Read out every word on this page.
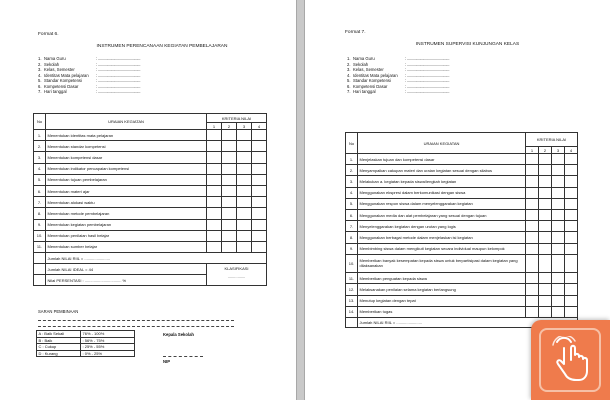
Format 6.
INSTRUMEN PERENCANAAN KEGIATAN PEMBELAJARAN
1. Nama Guru	: ............................................
2. Sekolah	: ............................................
3. Kelas, Semester	: ............................................
4. Identitas Mata pelajaran	: ............................................
5. Standar Kompetensi	: ............................................
6. Kompetensi Dasar	: ............................................
7. Hari tanggal	: ............................................
No	URAIAN KEGIATAN	KRITERIA NILAI			
		1	2	3	4
1.	Menentukan identitas mata pelajaran				
2.	Menentukan standar kompetensi				
3.	Menentukan kompetensi dasar				
4.	Menentukan indikator pencapaian kompetensi				
5.	Menentukan tujuan pembelajaran				
6.	Menentukan materi ajar				
7.	Menentukan alokasi waktu				
8.	Menentukan metode pembelajaran				
9.	Menentukan kegiatan pembelajaran				
10.	Menentukan penilaian hasil belajar				
11.	Menentukan sumber belajar				
	Jumlah NILAI RIIL = .......................				
	Jumlah NILAI IDEAL = 44	KLASIFIKASI
................			

	Nilai PERSENTASI : ................................. %				
SARAN PEMBINAAN
A : Baik Sekali	76% - 100%
B : Baik	: 56% - 75%
C : Cukup	: 25% - 55%
D : Kurang	: 0% - 25%
Kepala Sekolah
NIP
Format 7.
INSTRUMEN SUPERVISI KUNJUNGAN KELAS
1. Nama Guru	: ............................................
2. Sekolah	: ............................................
3. Kelas, Semester	: ............................................
4. Identitas Mata pelajaran	: ............................................
5. Standar Kompetensi	: ............................................
6. Kompetensi Dasar	: ............................................
7. Hari tanggal	: ............................................
No	URAIAN KEGIATAN	KRITERIA NILAI			
		1	2	3	4
1.	Menjelaskan tujuan dan kompetensi dasar				
2.	Menyampaikan cakupan materi dan uraian kegiatan sesuai dengan silabus				
3.	Melakukan a. kegiatan kepada siswa/lengkah kegiatan				
4.	Menggunakan ekspresi dalam berkomunikasi dengan siswa				
5.	Menggunakan respon siswa dalam menyelenggarakan kegiatan				
6.	Menggunakan media dan alat pembelajaran yang sesuai dengan tujuan				
7.	Menyelenggarakan kegiatan dengan urutan yang logis				
8.	Menggunakan berbagai metode dalam menjelaskan isi kegiatan				
9.	Membimbing siswa dalam mengikuti kegiatan secara individual maupun kelompok				
10.	Memberikan banyak kesempatan kepada siswa untuk berpartisipasi dalam kegiatan yang dilaksanakan				
11.	Memberikan penguatan kepada siswa				
12.	Melaksanakan penilaian selama kegiatan berlangsung				
13.	Menutup kegiatan dengan tepat				
14.	Memberikan tugas				
	Jumlah NILAI RIIL = .......................				
